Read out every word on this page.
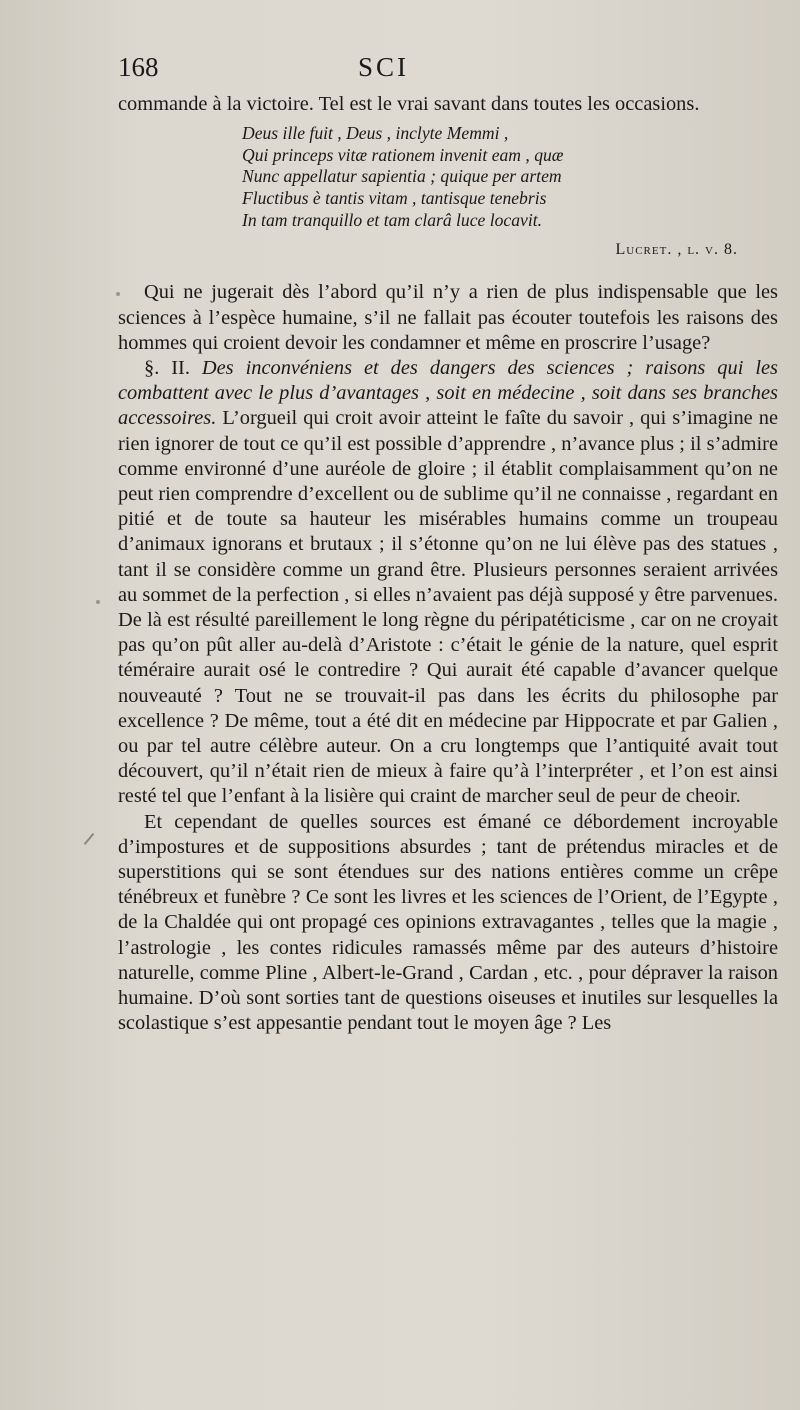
168	SCI

commande à la victoire. Tel est le vrai savant dans toutes les occasions.

Deus ille fuit , Deus , inclyte Memmi ,
Qui princeps vitæ rationem invenit eam , quæ
Nunc appellatur sapientia ; quique per artem
Fluctibus è tantis vitam , tantisque tenebris
In tam tranquillo et tam clarâ luce locavit.
Lucret. , l. v. 8.

Qui ne jugerait dès l’abord qu’il n’y a rien de plus indispensable que les sciences à l’espèce humaine, s’il ne fallait pas écouter toutefois les raisons des hommes qui croient devoir les condamner et même en proscrire l’usage?

§. II. Des inconvéniens et des dangers des sciences ; raisons qui les combattent avec le plus d’avantages , soit en médecine , soit dans ses branches accessoires. L’orgueil qui croit avoir atteint le faîte du savoir , qui s’imagine ne rien ignorer de tout ce qu’il est possible d’apprendre , n’avance plus ; il s’admire comme environné d’une auréole de gloire ; il établit complaisamment qu’on ne peut rien comprendre d’excellent ou de sublime qu’il ne connaisse , regardant en pitié et de toute sa hauteur les misérables humains comme un troupeau d’animaux ignorans et brutaux ; il s’étonne qu’on ne lui élève pas des statues , tant il se considère comme un grand être. Plusieurs personnes seraient arrivées au sommet de la perfection , si elles n’avaient pas déjà supposé y être parvenues. De là est résulté pareillement le long règne du péripatéticisme , car on ne croyait pas qu’on pût aller au-delà d’Aristote : c’était le génie de la nature, quel esprit téméraire aurait osé le contredire ? Qui aurait été capable d’avancer quelque nouveauté ? Tout ne se trouvait-il pas dans les écrits du philosophe par excellence ? De même, tout a été dit en médecine par Hippocrate et par Galien , ou par tel autre célèbre auteur. On a cru longtemps que l’antiquité avait tout découvert, qu’il n’était rien de mieux à faire qu’à l’interpréter , et l’on est ainsi resté tel que l’enfant à la lisière qui craint de marcher seul de peur de cheoir.

Et cependant de quelles sources est émané ce débordement incroyable d’impostures et de suppositions absurdes ; tant de prétendus miracles et de superstitions qui se sont étendues sur des nations entières comme un crêpe ténébreux et funèbre ? Ce sont les livres et les sciences de l’Orient, de l’Egypte , de la Chaldée qui ont propagé ces opinions extravagantes , telles que la magie , l’astrologie , les contes ridicules ramassés même par des auteurs d’histoire naturelle, comme Pline , Albert-le-Grand , Cardan , etc. , pour dépraver la raison humaine. D’où sont sorties tant de questions oiseuses et inutiles sur lesquelles la scolastique s’est appesantie pendant tout le moyen âge ? Les
